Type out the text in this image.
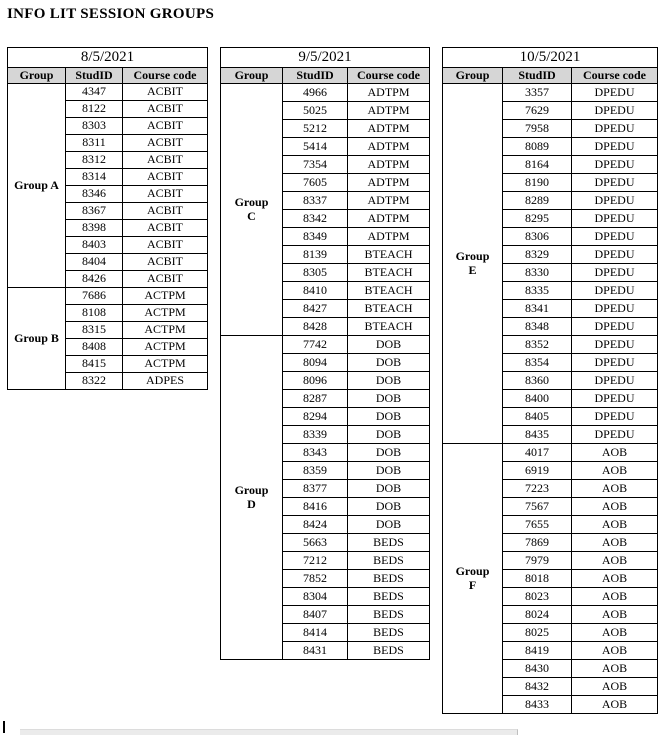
INFO LIT SESSION GROUPS
8/5/2021		
Group	StudID	Course code
Group A	4347	ACBIT
	8122	ACBIT
	8303	ACBIT
	8311	ACBIT
	8312	ACBIT
	8314	ACBIT
	8346	ACBIT
	8367	ACBIT
	8398	ACBIT
	8403	ACBIT
	8404	ACBIT
	8426	ACBIT
Group B	7686	ACTPM
	8108	ACTPM
	8315	ACTPM
	8408	ACTPM
	8415	ACTPM
	8322	ADPES
9/5/2021		
Group	StudID	Course code
Group
C	4966	ADTPM
	5025	ADTPM
	5212	ADTPM
	5414	ADTPM
	7354	ADTPM
	7605	ADTPM
	8337	ADTPM
	8342	ADTPM
	8349	ADTPM
	8139	BTEACH
	8305	BTEACH
	8410	BTEACH
	8427	BTEACH
	8428	BTEACH
Group
D	7742	DOB
	8094	DOB
	8096	DOB
	8287	DOB
	8294	DOB
	8339	DOB
	8343	DOB
	8359	DOB
	8377	DOB
	8416	DOB
	8424	DOB
	5663	BEDS
	7212	BEDS
	7852	BEDS
	8304	BEDS
	8407	BEDS
	8414	BEDS
	8431	BEDS
10/5/2021		
Group	StudID	Course code
Group
E	3357	DPEDU
	7629	DPEDU
	7958	DPEDU
	8089	DPEDU
	8164	DPEDU
	8190	DPEDU
	8289	DPEDU
	8295	DPEDU
	8306	DPEDU
	8329	DPEDU
	8330	DPEDU
	8335	DPEDU
	8341	DPEDU
	8348	DPEDU
	8352	DPEDU
	8354	DPEDU
	8360	DPEDU
	8400	DPEDU
	8405	DPEDU
	8435	DPEDU
Group
F	4017	AOB
	6919	AOB
	7223	AOB
	7567	AOB
	7655	AOB
	7869	AOB
	7979	AOB
	8018	AOB
	8023	AOB
	8024	AOB
	8025	AOB
	8419	AOB
	8430	AOB
	8432	AOB
	8433	AOB
